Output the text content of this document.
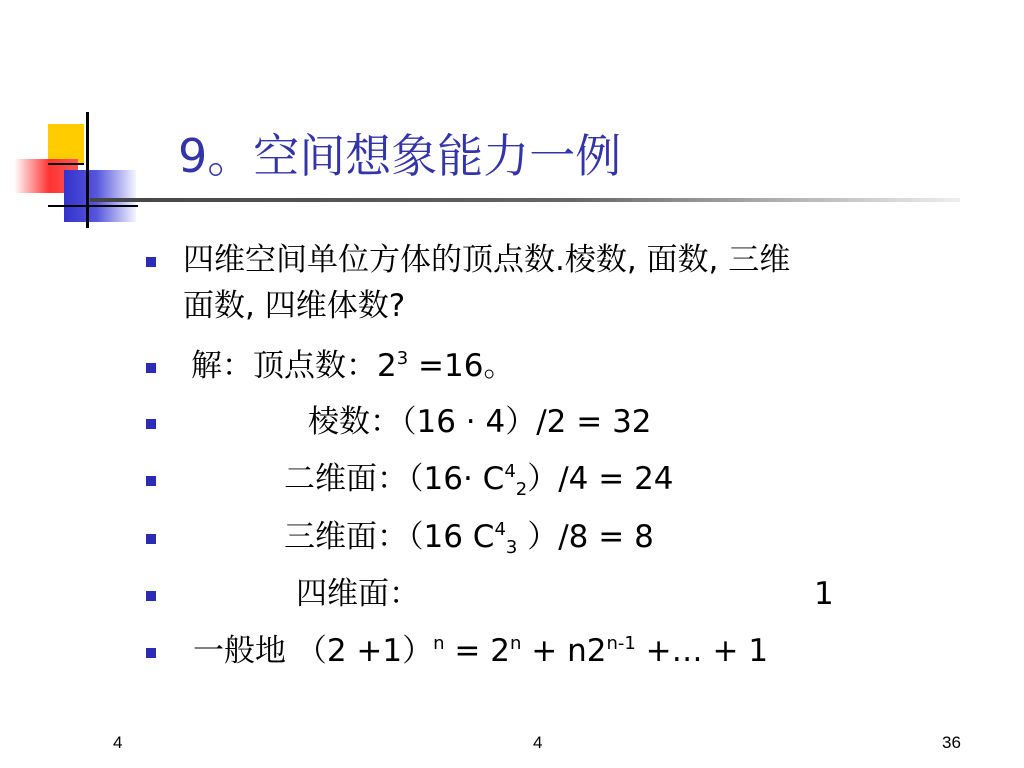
9。空间想象能力一例
四维空间单位方体的顶点数.棱数, 面数, 三维
面数, 四维体数?
解：顶点数：$2^3 =16$。
棱数：（16 · 4）/2 = 32
二维面：$(16\cdot C^4_2)/4 = 24$
三维面：（16 $C^4_3$ ）/8 = 8
四维面：	1
一般地 $(2 +1)^n = 2^n + n2^{n-1}$ +… + 1
4	4	36
